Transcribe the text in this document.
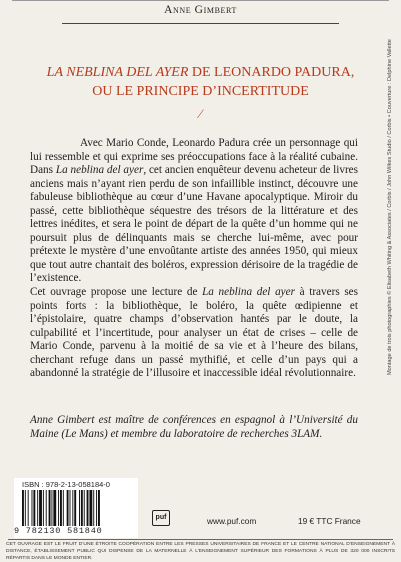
Anne Gimbert
LA NEBLINA DEL AYER DE LEONARDO PADURA,
OU LE PRINCIPE D’INCERTITUDE
⁄

Avec Mario Conde, Leonardo Padura crée un personnage qui lui ressemble et qui exprime ses préoccupations face à la réalité cubaine. Dans La neblina del ayer, cet ancien enquêteur devenu acheteur de livres anciens mais n’ayant rien perdu de son infaillible instinct, découvre une fabuleuse bibliothèque au cœur d’une Havane apocalyptique. Miroir du passé, cette bibliothèque séquestre des trésors de la littérature et des lettres inédites, et sera le point de départ de la quête d’un homme qui ne poursuit plus de délinquants mais se cherche lui-même, avec pour prétexte le mystère d’une envoûtante artiste des années 1950, qui mieux que tout autre chantait des boléros, expression dérisoire de la tragédie de l’existence.

Cet ouvrage propose une lecture de La neblina del ayer à travers ses points forts : la bibliothèque, le boléro, la quête œdipienne et l’épistolaire, quatre champs d’observation hantés par le doute, la culpabilité et l’incertitude, pour analyser un état de crises – celle de Mario Conde, parvenu à la moitié de sa vie et à l’heure des bilans, cherchant refuge dans un passé mythifié, et celle d’un pays qui a abandonné la stratégie de l’illusoire et inaccessible idéal révolutionnaire.

Anne Gimbert est maître de conférences en espagnol à l’Université du Maine (Le Mans) et membre du laboratoire de recherches 3LAM.
Montage de trois photographies © Elisabeth Whiting & Associates / Corbis / John Wilkes Studio / Corbis • Couverture : Delphine Vallette
ISBN : 978-2-13-058184-0
9 782130 581840
puf	www.puf.com	19 € TTC France
CET OUVRAGE EST LE FRUIT D’UNE ÉTROITE COOPÉRATION ENTRE LES PRESSES UNIVERSITAIRES DE FRANCE ET LE CENTRE NATIONAL D’ENSEIGNEMENT À DISTANCE, ÉTABLISSEMENT PUBLIC QUI DISPENSE DE LA MATERNELLE À L’ENSEIGNEMENT SUPÉRIEUR DES FORMATIONS À PLUS DE 320 000 INSCRITS RÉPARTIS DANS LE MONDE ENTIER.
